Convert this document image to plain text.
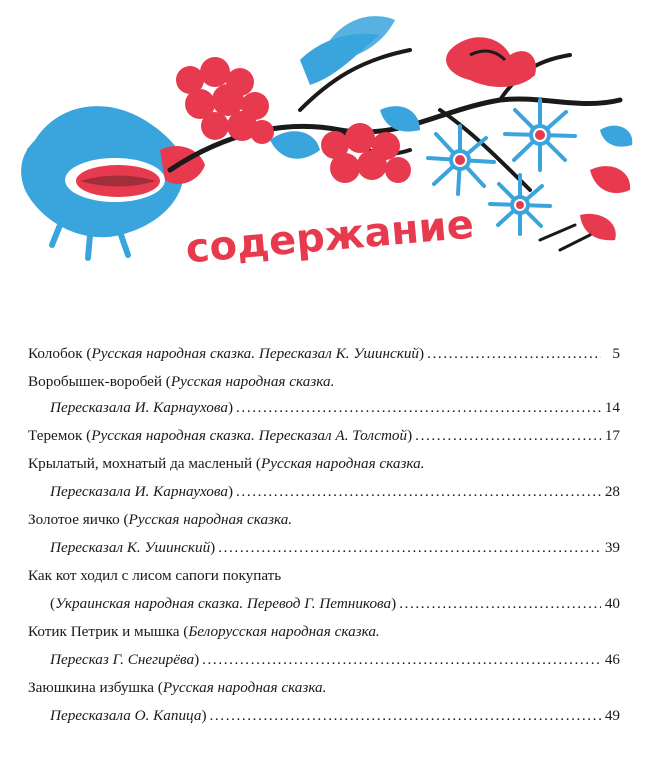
содержание
Колобок ( Русская народная сказка. Пересказал К. Ушинский ) .....	5
Воробышек-воробей ( Русская народная сказка.
Пересказала И. Карнаухова ) .....	14
Теремок ( Русская народная сказка. Пересказал А. Толстой ) .....	17
Крылатый, мохнатый да масленый ( Русская народная сказка.
Пересказала И. Карнаухова ) .....	28
Золотое яичко ( Русская народная сказка.
Пересказал К. Ушинский ) .....	39
Как кот ходил с лисом сапоги покупать
( Украинская народная сказка. Перевод Г. Петникова ) .....	40
Котик Петрик и мышка ( Белорусская народная сказка.
Пересказ Г. Снегирёва ) .....	46
Заюшкина избушка ( Русская народная сказка.
Пересказала О. Капица ) .....	49
